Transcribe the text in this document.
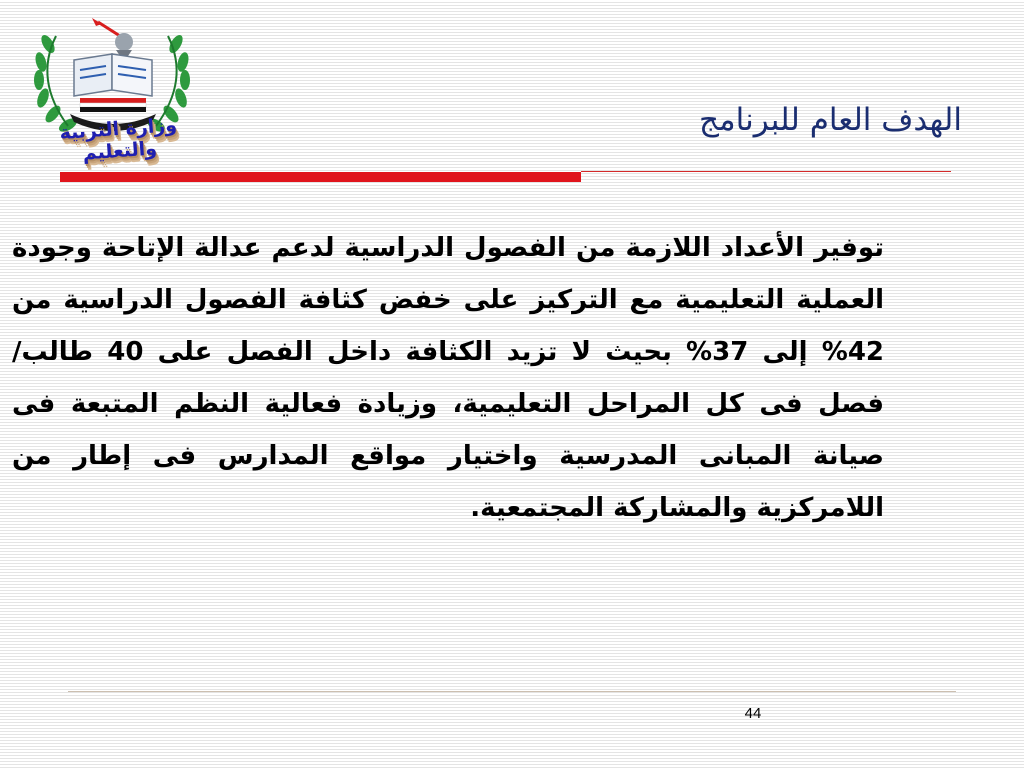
وزارة التربية والتعليم
الهدف العام للبرنامج
توفير الأعداد اللازمة من الفصول الدراسية لدعم عدالة الإتاحة وجودة العملية التعليمية مع التركيز على خفض كثافة الفصول الدراسية من 42% إلى 37% بحيث لا تزيد الكثافة داخل الفصل على 40 طالب/فصل فى كل المراحل التعليمية، وزيادة فعالية النظم المتبعة فى صيانة المبانى المدرسية واختيار مواقع المدارس فى إطار من اللامركزية والمشاركة المجتمعية.
44
